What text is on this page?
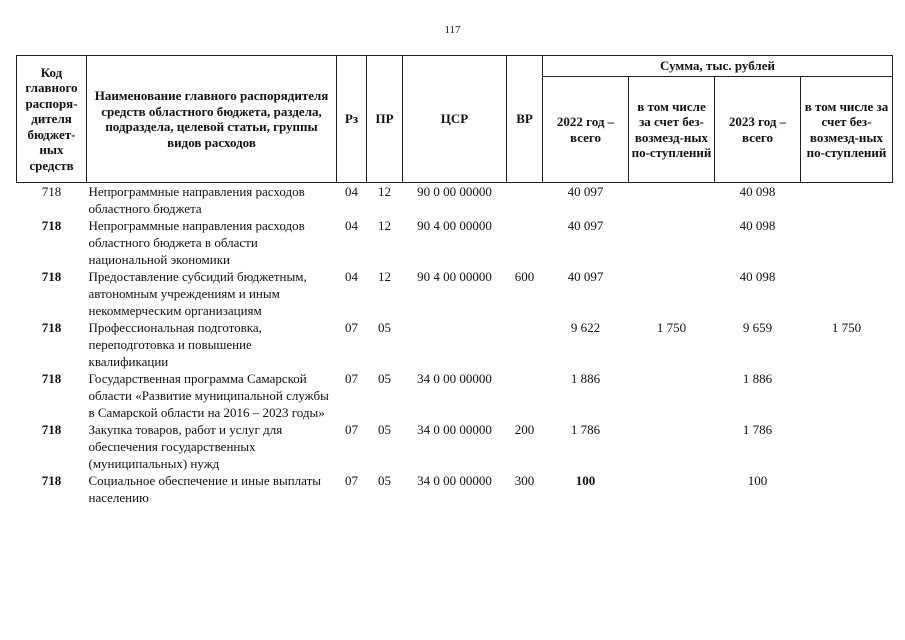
117
Код главного распоря-дителя бюджет-ных средств	Наименование главного распорядителя средств областного бюджета, раздела, подраздела, целевой статьи, группы видов расходов	Рз	ПР	ЦСР	ВР	Сумма, тыс. рублей			
						2022 год – всего	в том числе за счет без-возмезд-ных по-ступлений	2023 год – всего	в том числе за счет без-возмезд-ных по-ступлений
718	Непрограммные направления расходов областного бюджета	04	12	90 0 00 00000		40 097		40 098	
718	Непрограммные направления расходов областного бюджета в области национальной экономики	04	12	90 4 00 00000		40 097		40 098	
718	Предоставление субсидий бюджетным, автономным учреждениям и иным некоммерческим организациям	04	12	90 4 00 00000	600	40 097		40 098	
718	Профессиональная подготовка, переподготовка и повышение квалификации	07	05			9 622	1 750	9 659	1 750
718	Государственная программа Самарской области «Развитие муниципальной службы в Самарской области на 2016 – 2023 годы»	07	05	34 0 00 00000		1 886		1 886	
718	Закупка товаров, работ и услуг для обеспечения государственных (муниципальных) нужд	07	05	34 0 00 00000	200	1 786		1 786	
718	Социальное обеспечение и иные выплаты населению	07	05	34 0 00 00000	300	100		100	
